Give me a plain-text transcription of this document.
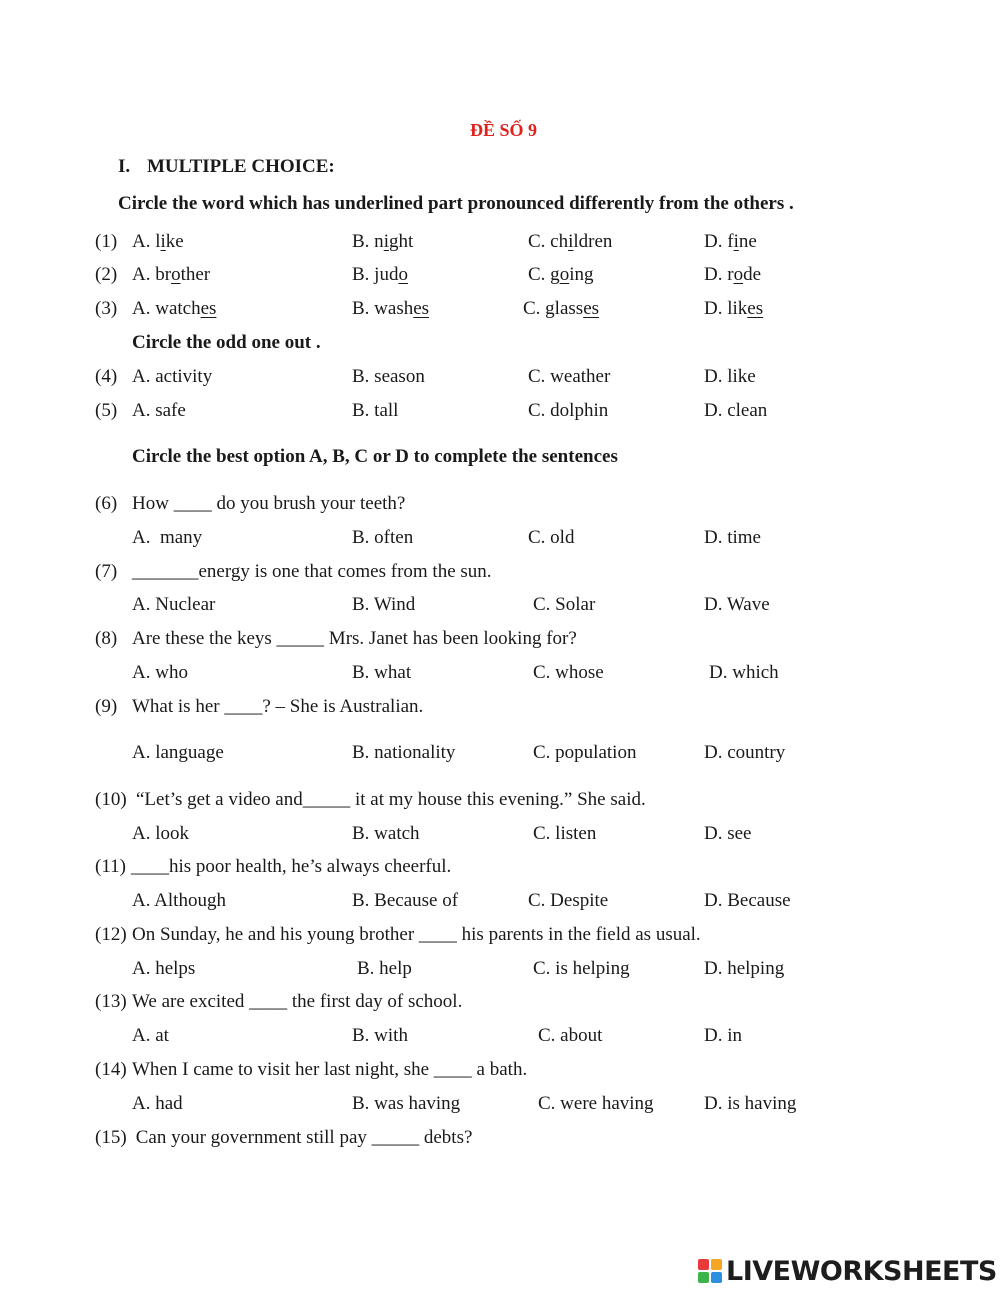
ĐỀ SỐ 9
I. MULTIPLE CHOICE:
Circle the word which has underlined part pronounced differently from the others .
(1) A. like	B. night	C. children	D. fine
(2) A. brother	B. judo	C. going	D. rode
(3) A. watches	B. washes	C. glasses	D. likes
Circle the odd one out .
(4) A. activity	B. season	C. weather	D. like
(5) A. safe	B. tall	C. dolphin	D. clean
Circle the best option A, B, C or D to complete the sentences
(6) How ____ do you brush your teeth?
A.  many	B. often	C. old	D. time
(7) _______energy is one that comes from the sun.
A. Nuclear	B. Wind	C. Solar	D. Wave
(8) Are these the keys _____ Mrs. Janet has been looking for?
A. who	B. what	C. whose	D. which
(9) What is her ____? – She is Australian.
A. language	B. nationality	C. population	D. country
(10) “Let’s get a video and_____ it at my house this evening.” She said.
A. look	B. watch	C. listen	D. see
(11) ____his poor health, he’s always cheerful.
A. Although	B. Because of	C. Despite	D. Because
(12) On Sunday, he and his young brother ____ his parents in the field as usual.
A. helps	B. help	C. is helping	D. helping
(13) We are excited ____ the first day of school.
A. at	B. with	C. about	D. in
(14) When I came to visit her last night, she ____ a bath.
A. had	B. was having	C. were having	D. is having
(15) Can your government still pay _____ debts?
LIVEWORKSHEETS
